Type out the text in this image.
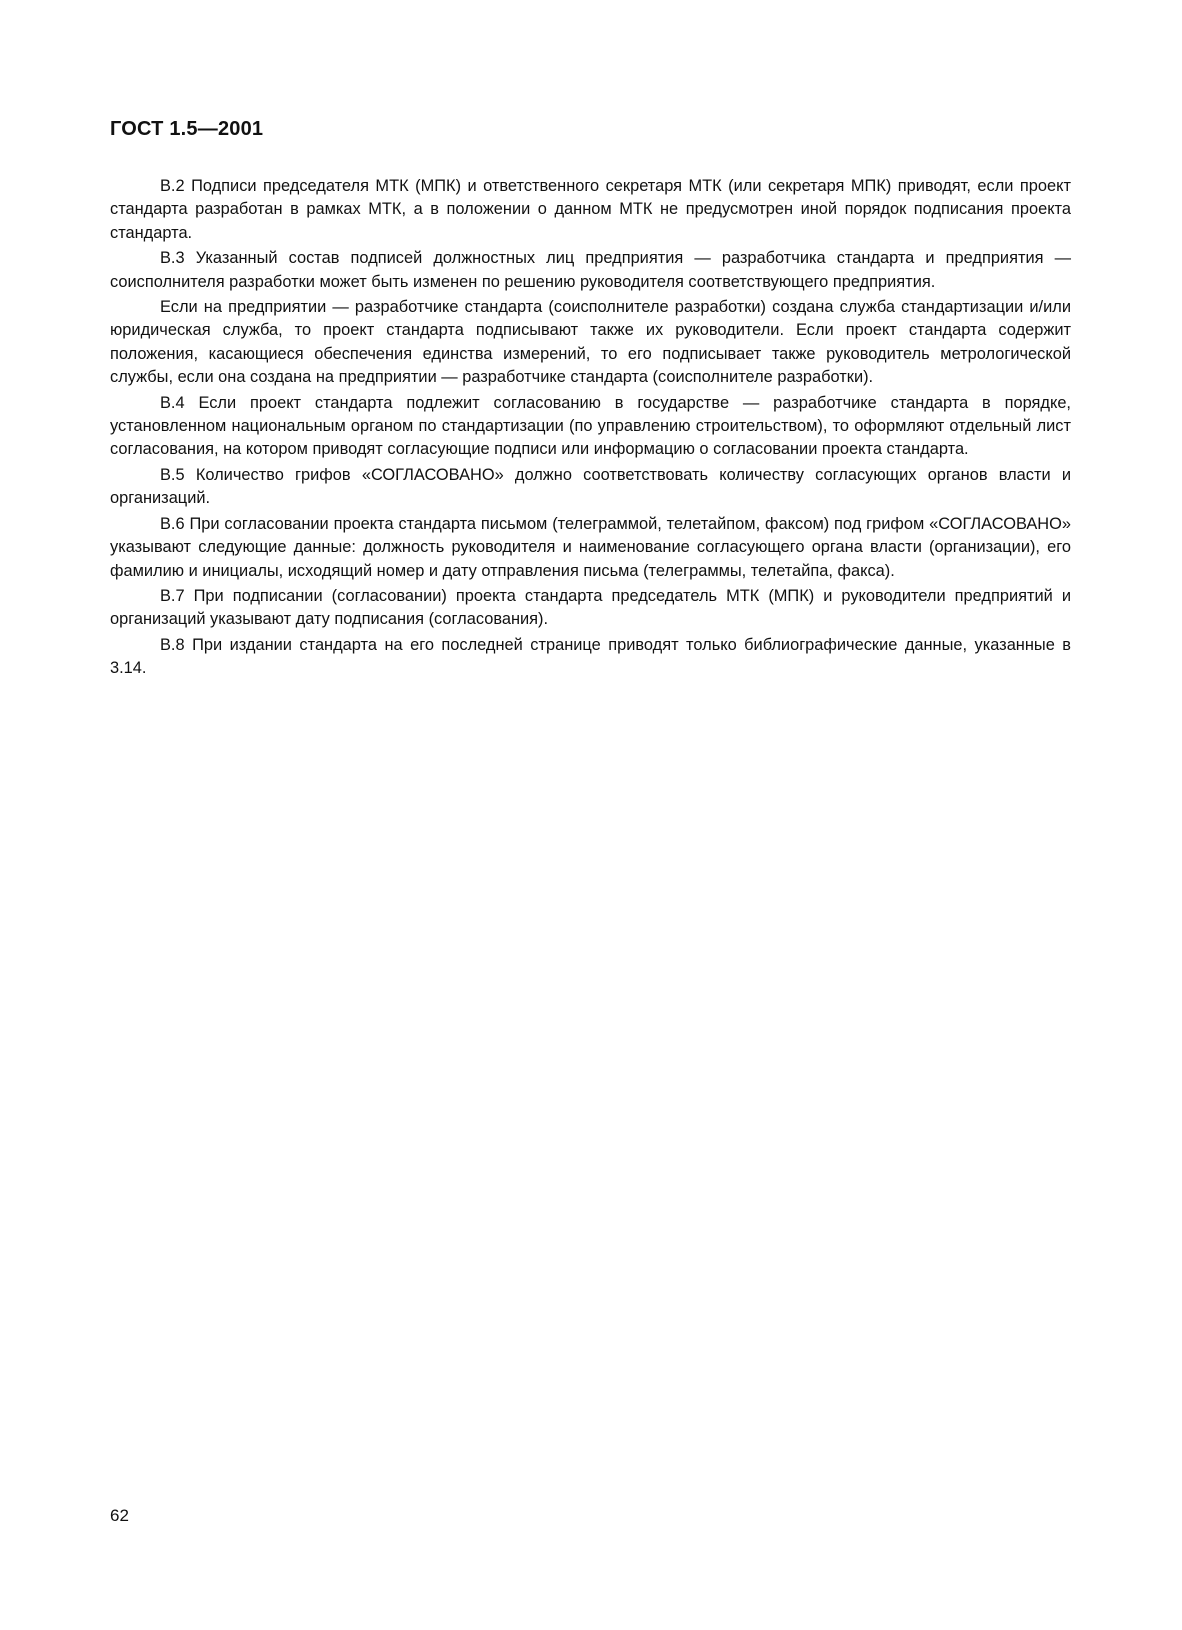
ГОСТ 1.5—2001

В.2 Подписи председателя МТК (МПК) и ответственного секретаря МТК (или секретаря МПК) приводят, если проект стандарта разработан в рамках МТК, а в положении о данном МТК не предусмотрен иной порядок подписания проекта стандарта.

В.3 Указанный состав подписей должностных лиц предприятия — разработчика стандарта и предприятия — соисполнителя разработки может быть изменен по решению руководителя соответствующего предприятия.

Если на предприятии — разработчике стандарта (соисполнителе разработки) создана служба стандартизации и/или юридическая служба, то проект стандарта подписывают также их руководители. Если проект стандарта содержит положения, касающиеся обеспечения единства измерений, то его подписывает также руководитель метрологической службы, если она создана на предприятии — разработчике стандарта (соисполнителе разработки).

В.4 Если проект стандарта подлежит согласованию в государстве — разработчике стандарта в порядке, установленном национальным органом по стандартизации (по управлению строительством), то оформляют отдельный лист согласования, на котором приводят согласующие подписи или информацию о согласовании проекта стандарта.

В.5 Количество грифов «СОГЛАСОВАНО» должно соответствовать количеству согласующих органов власти и организаций.

В.6 При согласовании проекта стандарта письмом (телеграммой, телетайпом, факсом) под грифом «СОГЛАСОВАНО» указывают следующие данные: должность руководителя и наименование согласующего органа власти (организации), его фамилию и инициалы, исходящий номер и дату отправления письма (телеграммы, телетайпа, факса).

В.7 При подписании (согласовании) проекта стандарта председатель МТК (МПК) и руководители предприятий и организаций указывают дату подписания (согласования).

В.8 При издании стандарта на его последней странице приводят только библиографические данные, указанные в 3.14.

62
